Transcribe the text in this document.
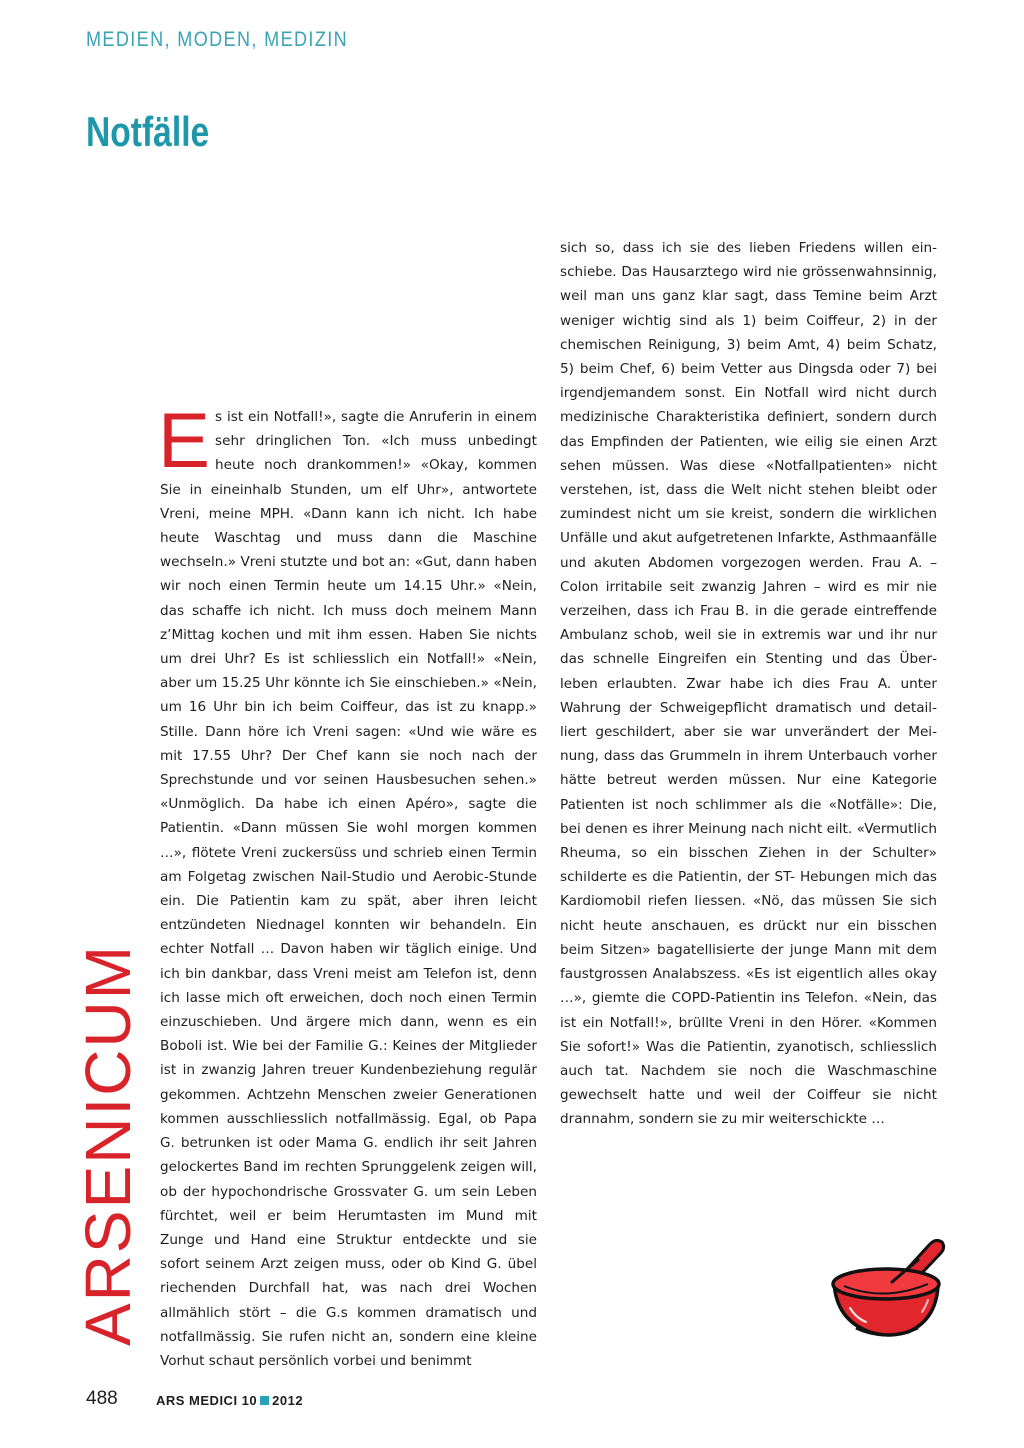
MEDIEN, MODEN, MEDIZIN
Notfälle

Es ist ein Notfall!», sagte die Anruferin in einem sehr dringlichen Ton. «Ich muss unbedingt heute noch drankommen!» «Okay, kommen Sie in eineinhalb Stunden, um elf Uhr», antwortete Vreni, meine MPH. «Dann kann ich nicht. Ich habe heute Waschtag und muss dann die Maschine wechseln.» Vreni stutzte und bot an: «Gut, dann haben wir noch einen Termin heute um 14.15 Uhr.» «Nein, das schaffe ich nicht. Ich muss doch meinem Mann z’Mittag kochen und mit ihm essen. Haben Sie nichts um drei Uhr? Es ist schliesslich ein Notfall!» «Nein, aber um 15.25 Uhr könnte ich Sie einschieben.» «Nein, um 16 Uhr bin ich beim Coiffeur, das ist zu knapp.» Stille. Dann höre ich Vreni sagen: «Und wie wäre es mit 17.55 Uhr? Der Chef kann sie noch nach der Sprechstunde und vor seinen Hausbesuchen sehen.» «Unmöglich. Da habe ich einen Apéro», sagte die Patientin. «Dann müssen Sie wohl morgen kommen …», flötete Vreni zuckersüss und schrieb einen Termin am Folgetag zwischen Nail-Studio und Aerobic-Stunde ein. Die Patientin kam zu spät, aber ihren leicht entzündeten Niednagel konnten wir behandeln. Ein echter Notfall … Davon haben wir täglich einige. Und ich bin dankbar, dass Vreni meist am Telefon ist, denn ich lasse mich oft erweichen, doch noch einen Termin einzuschieben. Und ärgere mich dann, wenn es ein Boboli ist. Wie bei der Familie G.: Keines der Mitglieder ist in zwanzig Jahren treuer Kundenbeziehung regulär gekommen. Achtzehn Menschen zweier Generationen kommen ausschliesslich notfallmässig. Egal, ob Papa G. betrunken ist oder Mama G. endlich ihr seit Jahren gelockertes Band im rechten Sprunggelenk zeigen will, ob der hypochondrische Grossvater G. um sein Leben fürchtet, weil er beim Herumtasten im Mund mit Zunge und Hand eine Struktur entdeckte und sie sofort seinem Arzt zeigen muss, oder ob Kind G. übel riechenden Durchfall hat, was nach drei Wochen allmählich stört – die G.s kommen dramatisch und notfallmässig. Sie rufen nicht an, sondern eine kleine Vorhut schaut persönlich vorbei und benimmt

sich so, dass ich sie des lieben Friedens willen einschiebe. Das Hausarztego wird nie grössenwahnsinnig, weil man uns ganz klar sagt, dass Temine beim Arzt weniger wichtig sind als 1) beim Coiffeur, 2) in der chemischen Reinigung, 3) beim Amt, 4) beim Schatz, 5) beim Chef, 6) beim Vetter aus Dingsda oder 7) bei irgendjemandem sonst. Ein Notfall wird nicht durch medizinische Charakteristika definiert, sondern durch das Empfinden der Patienten, wie eilig sie einen Arzt sehen müssen. Was diese «Notfallpatienten» nicht verstehen, ist, dass die Welt nicht stehen bleibt oder zumindest nicht um sie kreist, sondern die wirklichen Unfälle und akut aufgetretenen Infarkte, Asthmaanfälle und akuten Abdomen vorgezogen werden. Frau A. – Colon irritabile seit zwanzig Jahren – wird es mir nie verzeihen, dass ich Frau B. in die gerade eintreffende Ambulanz schob, weil sie in extremis war und ihr nur das schnelle Eingreifen ein Stenting und das Überleben erlaubten. Zwar habe ich dies Frau A. unter Wahrung der Schweigepflicht dramatisch und detailliert geschildert, aber sie war unverändert der Meinung, dass das Grummeln in ihrem Unterbauch vorher hätte betreut werden müssen. Nur eine Kategorie Patienten ist noch schlimmer als die «Notfälle»: Die, bei denen es ihrer Meinung nach nicht eilt. «Vermutlich Rheuma, so ein bisschen Ziehen in der Schulter» schilderte es die Patientin, der ST- Hebungen mich das Kardiomobil riefen liessen. «Nö, das müssen Sie sich nicht heute anschauen, es drückt nur ein bisschen beim Sitzen» bagatellisierte der junge Mann mit dem faustgrossen Analabszess. «Es ist eigentlich alles okay …», giemte die COPD-Patientin ins Telefon. «Nein, das ist ein Notfall!», brüllte Vreni in den Hörer. «Kommen Sie sofort!» Was die Patientin, zyanotisch, schliesslich auch tat. Nachdem sie noch die Waschmaschine gewechselt hatte und weil der Coiffeur sie nicht drannahm, sondern sie zu mir weiterschickte …

ARSENICUM
488	ARS MEDICI 10 2012
